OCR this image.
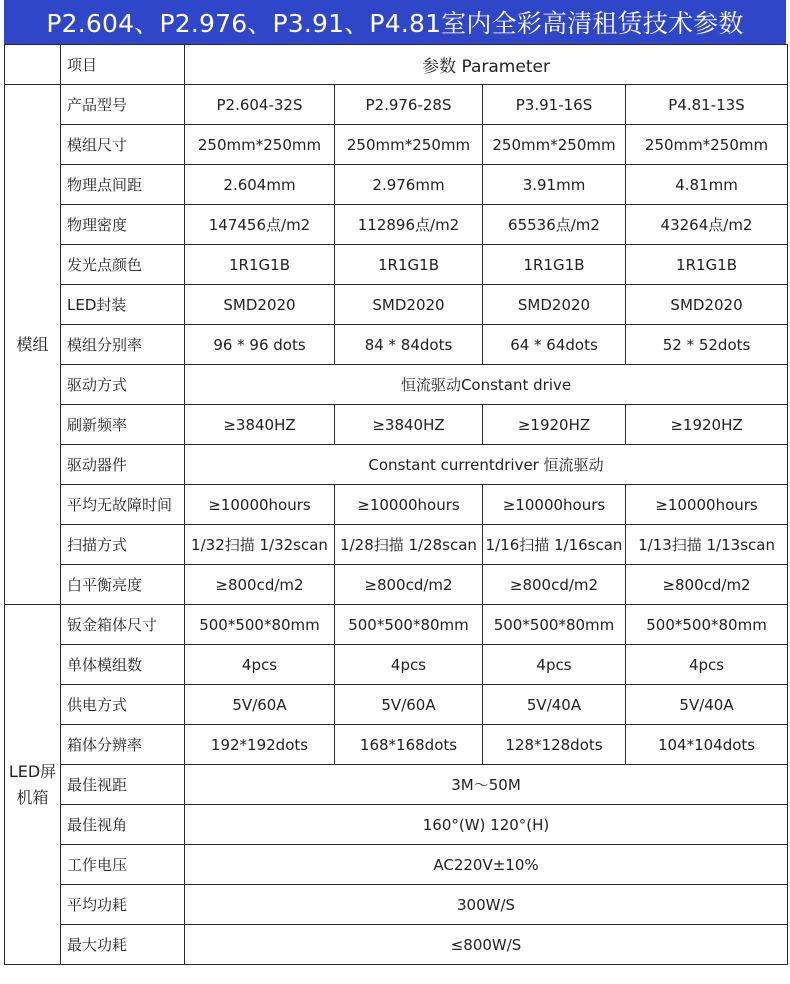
P2.604、P2.976、P3.91、P4.81室内全彩高清租赁技术参数
	项目	参数 Parameter			
模组	产品型号	P2.604-32S	P2.976-28S	P3.91-16S	P4.81-13S
	模组尺寸	250mm*250mm	250mm*250mm	250mm*250mm	250mm*250mm
	物理点间距	2.604mm	2.976mm	3.91mm	4.81mm
	物理密度	147456点/m2	112896点/m2	65536点/m2	43264点/m2
	发光点颜色	1R1G1B	1R1G1B	1R1G1B	1R1G1B
	LED封装	SMD2020	SMD2020	SMD2020	SMD2020
	模组分别率	96 * 96 dots	84 * 84dots	64 * 64dots	52 * 52dots
	驱动方式	恒流驱动Constant drive			
	刷新频率	≥3840HZ	≥3840HZ	≥1920HZ	≥1920HZ
	驱动器件	Constant currentdriver 恒流驱动			
	平均无故障时间	≥10000hours	≥10000hours	≥10000hours	≥10000hours
	扫描方式	1/32扫描 1/32scan	1/28扫描 1/28scan	1/16扫描 1/16scan	1/13扫描 1/13scan
	白平衡亮度	≥800cd/m2	≥800cd/m2	≥800cd/m2	≥800cd/m2

LED屏
机箱	钣金箱体尺寸	500*500*80mm	500*500*80mm	500*500*80mm	500*500*80mm
	单体模组数	4pcs	4pcs	4pcs	4pcs
	供电方式	5V/60A	5V/60A	5V/40A	5V/40A
	箱体分辨率	192*192dots	168*168dots	128*128dots	104*104dots
	最佳视距	3M～50M			
	最佳视角	160°(W) 120°(H)			
	工作电压	AC220V±10%			
	平均功耗	300W/S			
	最大功耗	≤800W/S			
